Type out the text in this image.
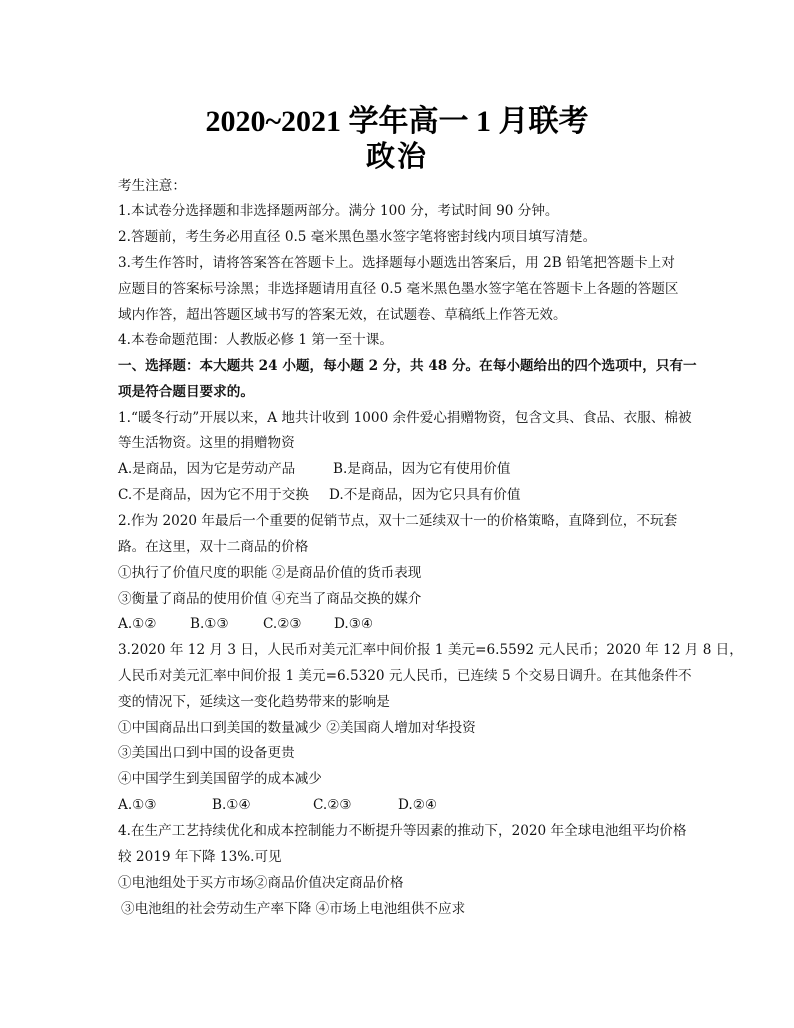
2020~2021 学年高一 1 月联考
政治
考生注意：
1.本试卷分选择题和非选择题两部分。满分 100 分，考试时间 90 分钟。
2.答题前，考生务必用直径 0.5 毫米黑色墨水签字笔将密封线内项目填写清楚。
3.考生作答时，请将答案答在答题卡上。选择题每小题选出答案后，用 2B 铅笔把答题卡上对
应题目的答案标号涂黑；非选择题请用直径 0.5 毫米黑色墨水签字笔在答题卡上各题的答题区
域内作答，超出答题区域书写的答案无效，在试题卷、草稿纸上作答无效。
4.本卷命题范围：人教版必修 1 第一至十课。
一、选择题：本大题共 24 小题，每小题 2 分，共 48 分。在每小题给出的四个选项中，只有一
项是符合题目要求的。
1.“暖冬行动”开展以来，A 地共计收到 1000 余件爱心捐赠物资，包含文具、食品、衣服、棉被
等生活物资。这里的捐赠物资
A.是商品，因为它是劳动产品	B.是商品，因为它有使用价值
C.不是商品，因为它不用于交换 D.不是商品，因为它只具有价值
2.作为 2020 年最后一个重要的促销节点，双十二延续双十一的价格策略，直降到位，不玩套
路。在这里，双十二商品的价格
①执行了价值尺度的职能 ②是商品价值的货币表现
③衡量了商品的使用价值 ④充当了商品交换的媒介
A.①② B.①③	C.②③ D.③④
3.2020 年 12 月 3 日，人民币对美元汇率中间价报 1 美元=6.5592 元人民币；2020 年 12 月 8 日，
人民币对美元汇率中间价报 1 美元=6.5320 元人民币，已连续 5 个交易日调升。在其他条件不
变的情况下，延续这一变化趋势带来的影响是
①中国商品出口到美国的数量减少 ②美国商人增加对华投资
③美国出口到中国的设备更贵
④中国学生到美国留学的成本减少
A.①③	B.①④	C.②③	D.②④
4.在生产工艺持续优化和成本控制能力不断提升等因素的推动下，2020 年全球电池组平均价格
较 2019 年下降 13%.可见
①电池组处于买方市场②商品价值决定商品价格
③电池组的社会劳动生产率下降 ④市场上电池组供不应求
